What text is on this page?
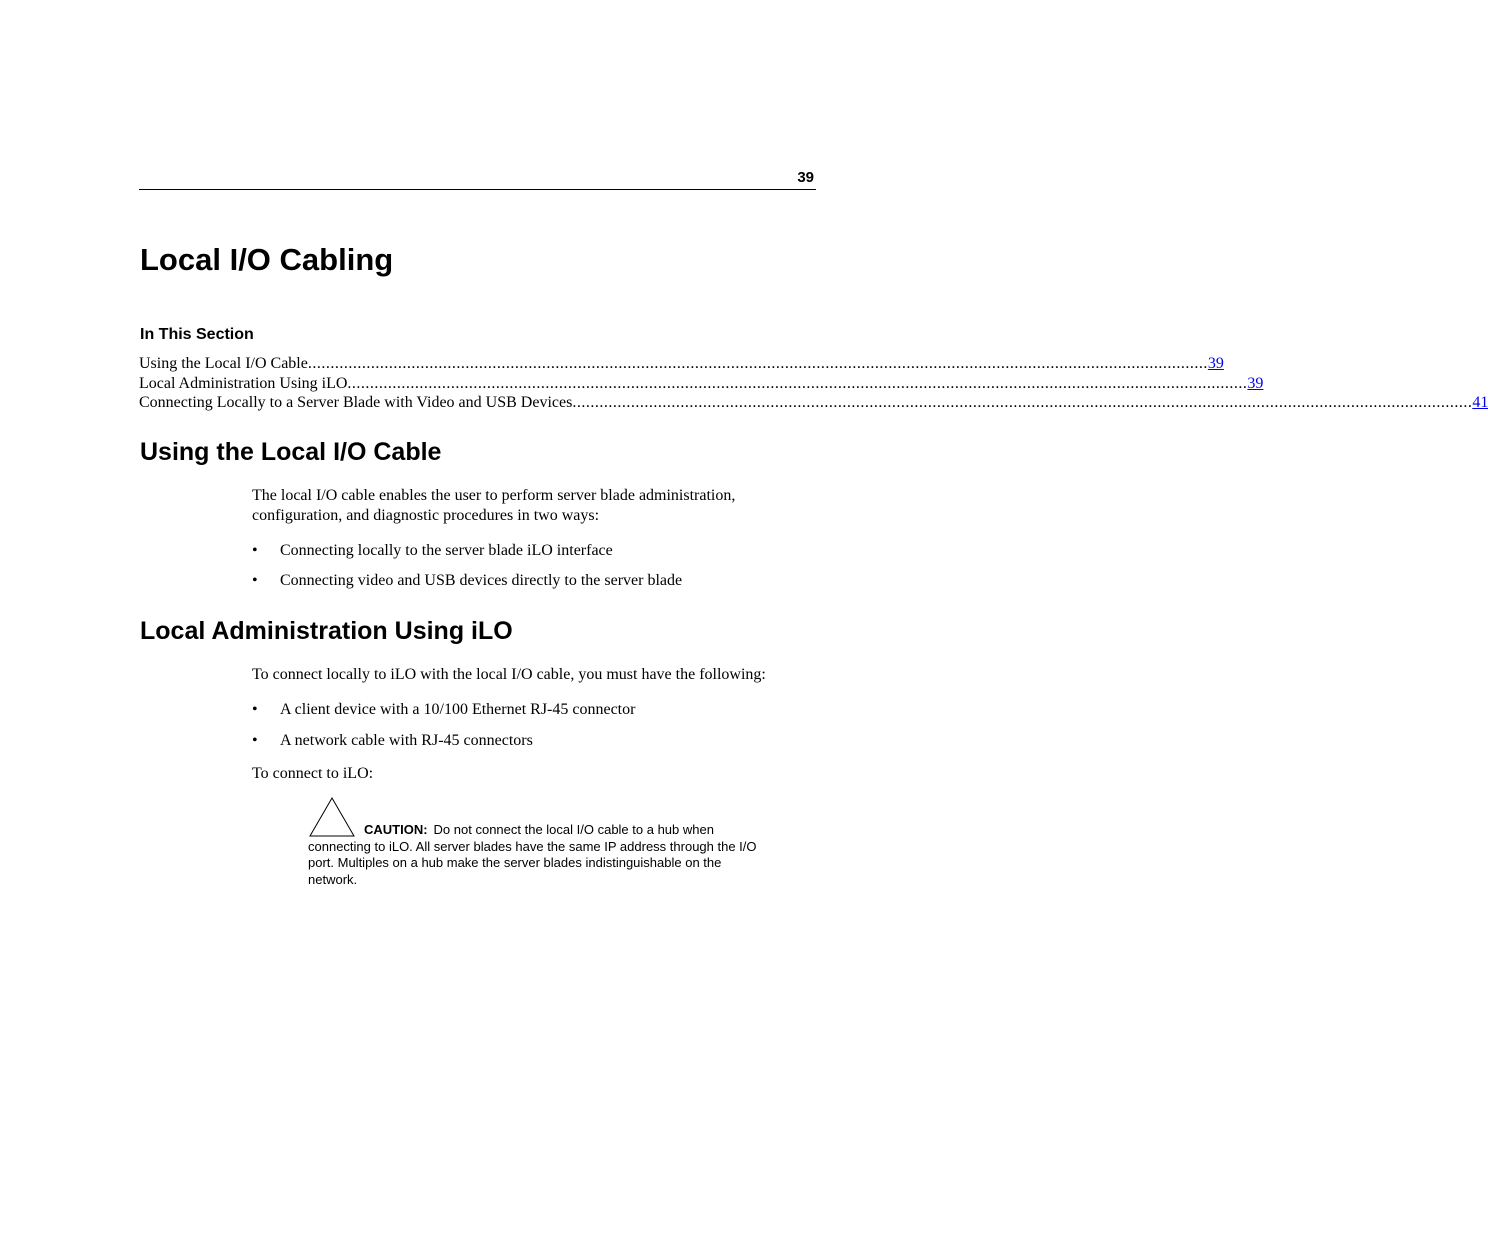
39
Local I/O Cabling
In This Section
Using the Local I/O Cable ........................................................................................................................................................................................................ 39
Local Administration Using iLO ........................................................................................................................................................................................................ 39
Connecting Locally to a Server Blade with Video and USB Devices ........................................................................................................................................................................................................ 41
Using the Local I/O Cable

The local I/O cable enables the user to perform server blade administration, configuration, and diagnostic procedures in two ways:

• Connecting locally to the server blade iLO interface
• Connecting video and USB devices directly to the server blade
Local Administration Using iLO

To connect locally to iLO with the local I/O cable, you must have the following:

• A client device with a 10/100 Ethernet RJ-45 connector
• A network cable with RJ-45 connectors

To connect to iLO:

CAUTION: Do not connect the local I/O cable to a hub when connecting to iLO. All server blades have the same IP address through the I/O port. Multiples on a hub make the server blades indistinguishable on the network.
